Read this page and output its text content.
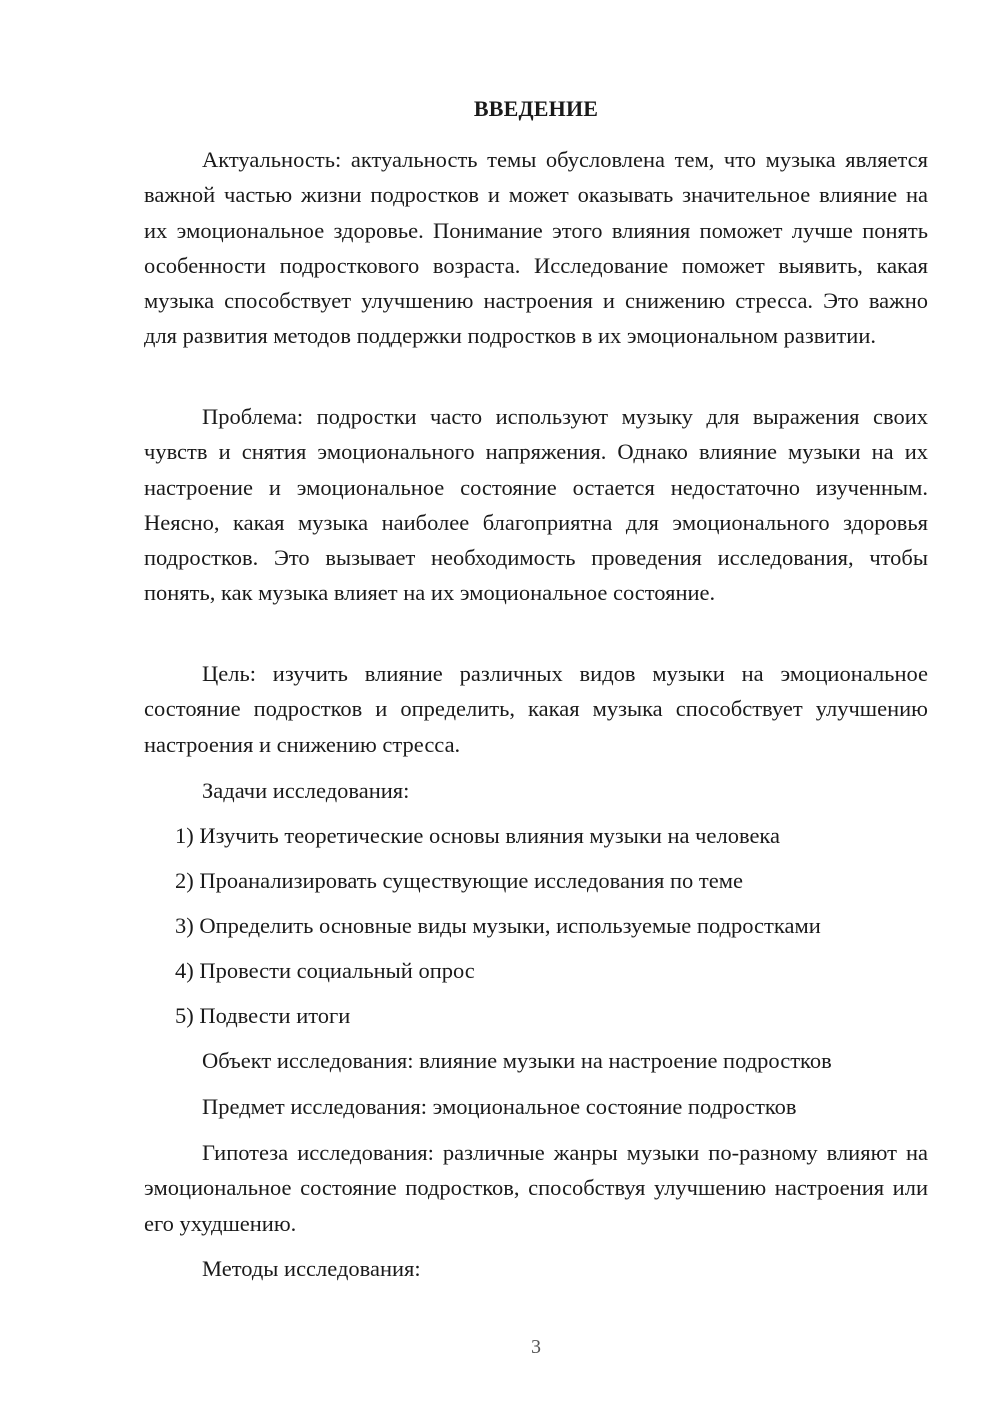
ВВЕДЕНИЕ

Актуальность: актуальность темы обусловлена тем, что музыка является важной частью жизни подростков и может оказывать значительное влияние на их эмоциональное здоровье. Понимание этого влияния поможет лучше понять особенности подросткового возраста. Исследование поможет выявить, какая музыка способствует улучшению настроения и снижению стресса. Это важно для развития методов поддержки подростков в их эмоциональном развитии.

Проблема: подростки часто используют музыку для выражения своих чувств и снятия эмоционального напряжения. Однако влияние музыки на их настроение и эмоциональное состояние остается недостаточно изученным. Неясно, какая музыка наиболее благоприятна для эмоционального здоровья подростков. Это вызывает необходимость проведения исследования, чтобы понять, как музыка влияет на их эмоциональное состояние.

Цель: изучить влияние различных видов музыки на эмоциональное состояние подростков и определить, какая музыка способствует улучшению настроения и снижению стресса.

Задачи исследования:

1) Изучить теоретические основы влияния музыки на человека

2) Проанализировать существующие исследования по теме

3) Определить основные виды музыки, используемые подростками

4) Провести социальный опрос

5) Подвести итоги

Объект исследования: влияние музыки на настроение подростков

Предмет исследования: эмоциональное состояние подростков

Гипотеза исследования: различные жанры музыки по-разному влияют на эмоциональное состояние подростков, способствуя улучшению настроения или его ухудшению.

Методы исследования:

3
